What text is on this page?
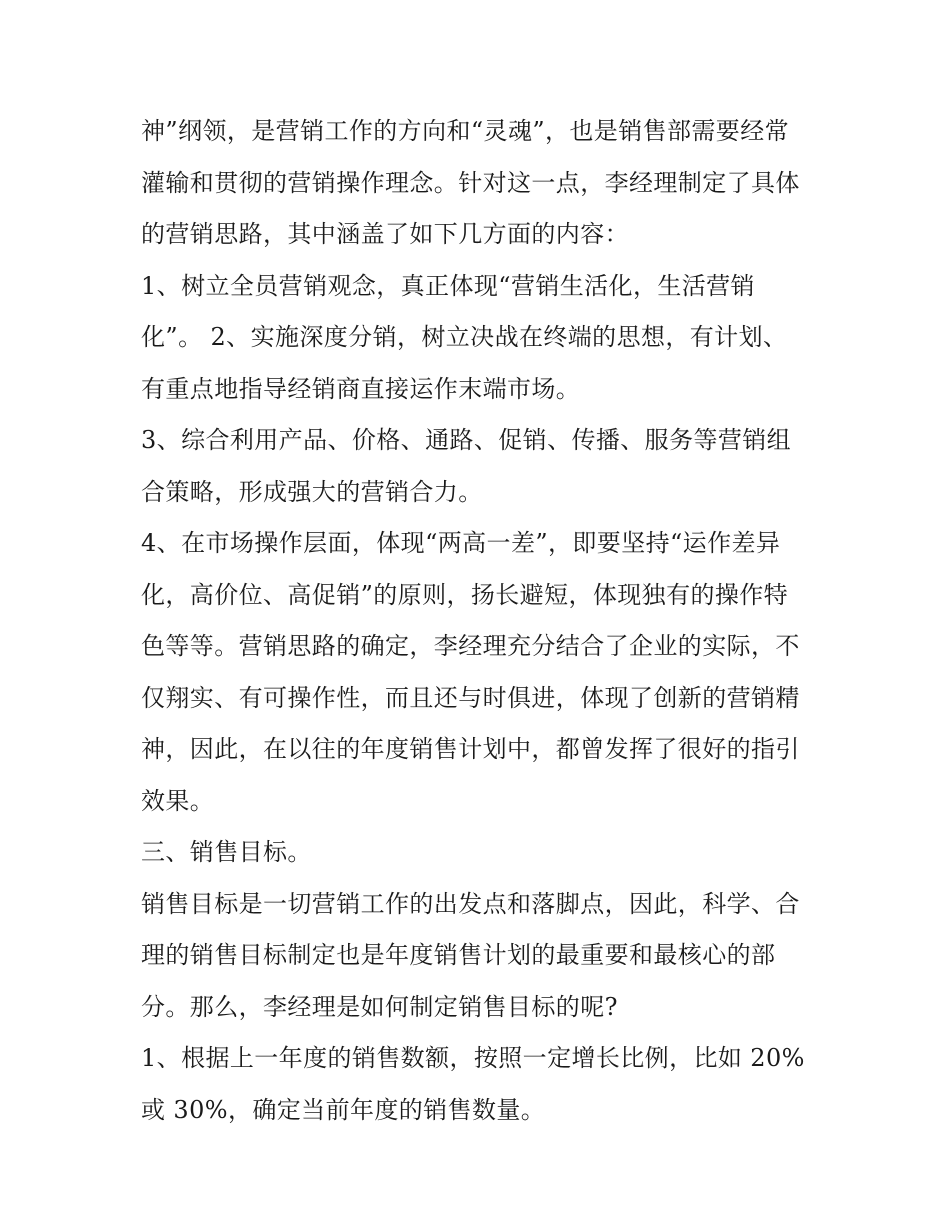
神”纲领，是营销工作的方向和“灵魂”，也是销售部需要经常
灌输和贯彻的营销操作理念。针对这一点，李经理制定了具体
的营销思路，其中涵盖了如下几方面的内容：
1、树立全员营销观念，真正体现“营销生活化，生活营销
化”。 2、实施深度分销，树立决战在终端的思想，有计划、
有重点地指导经销商直接运作末端市场。
3、综合利用产品、价格、通路、促销、传播、服务等营销组
合策略，形成强大的营销合力。
4、在市场操作层面，体现“两高一差”，即要坚持“运作差异
化，高价位、高促销”的原则，扬长避短，体现独有的操作特
色等等。营销思路的确定，李经理充分结合了企业的实际，不
仅翔实、有可操作性，而且还与时俱进，体现了创新的营销精
神，因此，在以往的年度销售计划中，都曾发挥了很好的指引
效果。
三、销售目标。
销售目标是一切营销工作的出发点和落脚点，因此，科学、合
理的销售目标制定也是年度销售计划的最重要和最核心的部
分。那么，李经理是如何制定销售目标的呢?
1、根据上一年度的销售数额，按照一定增长比例，比如 20%
或 30%，确定当前年度的销售数量。
